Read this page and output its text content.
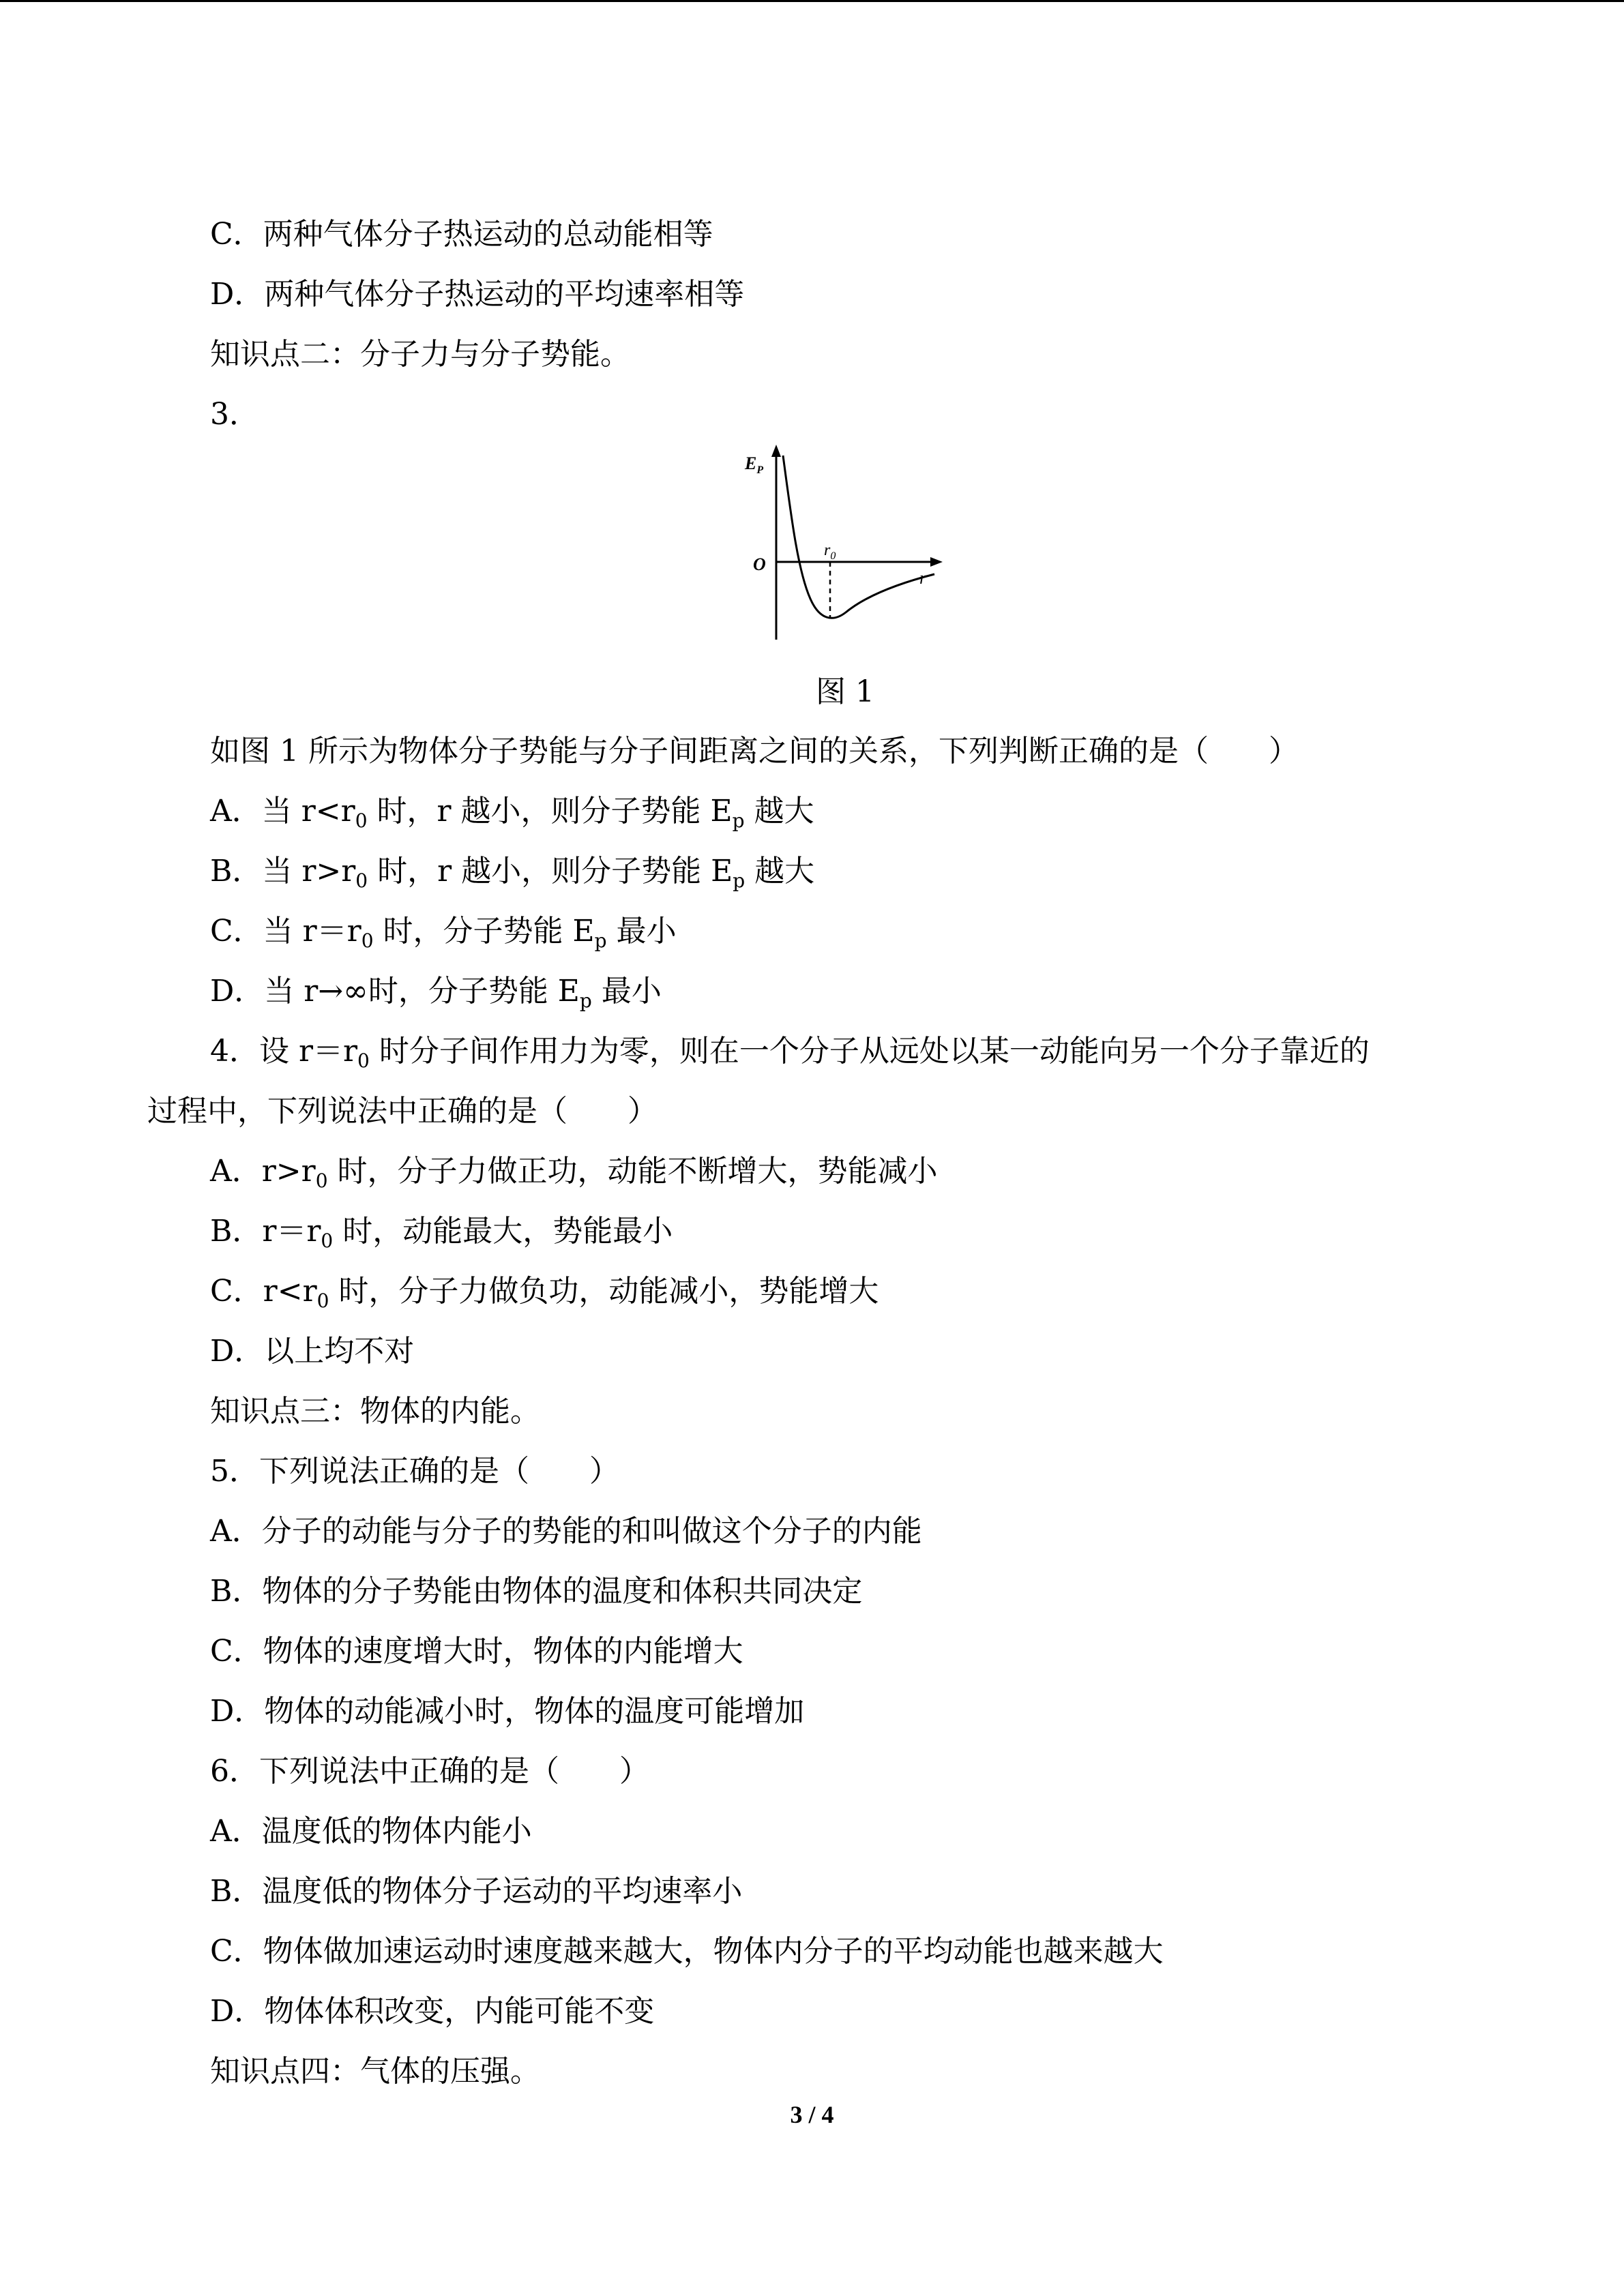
C．两种气体分子热运动的总动能相等
D．两种气体分子热运动的平均速率相等
知识点二：分子力与分子势能。
3．
$E_P$
O
$r_0$
r
图 1
如图 1 所示为物体分子势能与分子间距离之间的关系，下列判断正确的是（　　）
A．当 $r<r_0$ 时，r 越小，则分子势能 $E_p$ 越大
B．当 $r>r_0$ 时，r 越小，则分子势能 $E_p$ 越大
C．当 $r=r_0$ 时，分子势能 $E_p$ 最小
D．当 r→∞时，分子势能 $E_p$ 最小
4．设 $r=r_0$ 时分子间作用力为零，则在一个分子从远处以某一动能向另一个分子靠近的
过程中，下列说法中正确的是（　　）
A．$r>r_0$ 时，分子力做正功，动能不断增大，势能减小
B．$r=r_0$ 时，动能最大，势能最小
C．$r<r_0$ 时，分子力做负功，动能减小，势能增大
D．以上均不对
知识点三：物体的内能。
5．下列说法正确的是（　　）
A．分子的动能与分子的势能的和叫做这个分子的内能
B．物体的分子势能由物体的温度和体积共同决定
C．物体的速度增大时，物体的内能增大
D．物体的动能减小时，物体的温度可能增加
6．下列说法中正确的是（　　）
A．温度低的物体内能小
B．温度低的物体分子运动的平均速率小
C．物体做加速运动时速度越来越大，物体内分子的平均动能也越来越大
D．物体体积改变，内能可能不变
知识点四：气体的压强。
3 / 4
